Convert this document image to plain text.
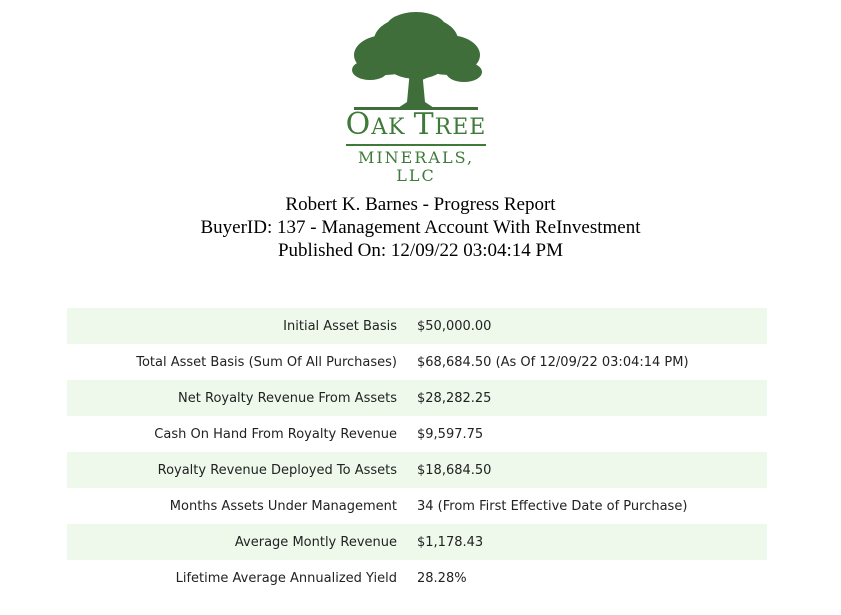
OAK TREE
MINERALS, LLC
Robert K. Barnes - Progress Report
BuyerID: 137 - Management Account With ReInvestment
Published On: 12/09/22 03:04:14 PM
Initial Asset Basis $50,000.00
Total Asset Basis (Sum Of All Purchases) $68,684.50 (As Of 12/09/22 03:04:14 PM)
Net Royalty Revenue From Assets $28,282.25
Cash On Hand From Royalty Revenue $9,597.75
Royalty Revenue Deployed To Assets $18,684.50
Months Assets Under Management 34 (From First Effective Date of Purchase)
Average Montly Revenue $1,178.43
Lifetime Average Annualized Yield 28.28%
